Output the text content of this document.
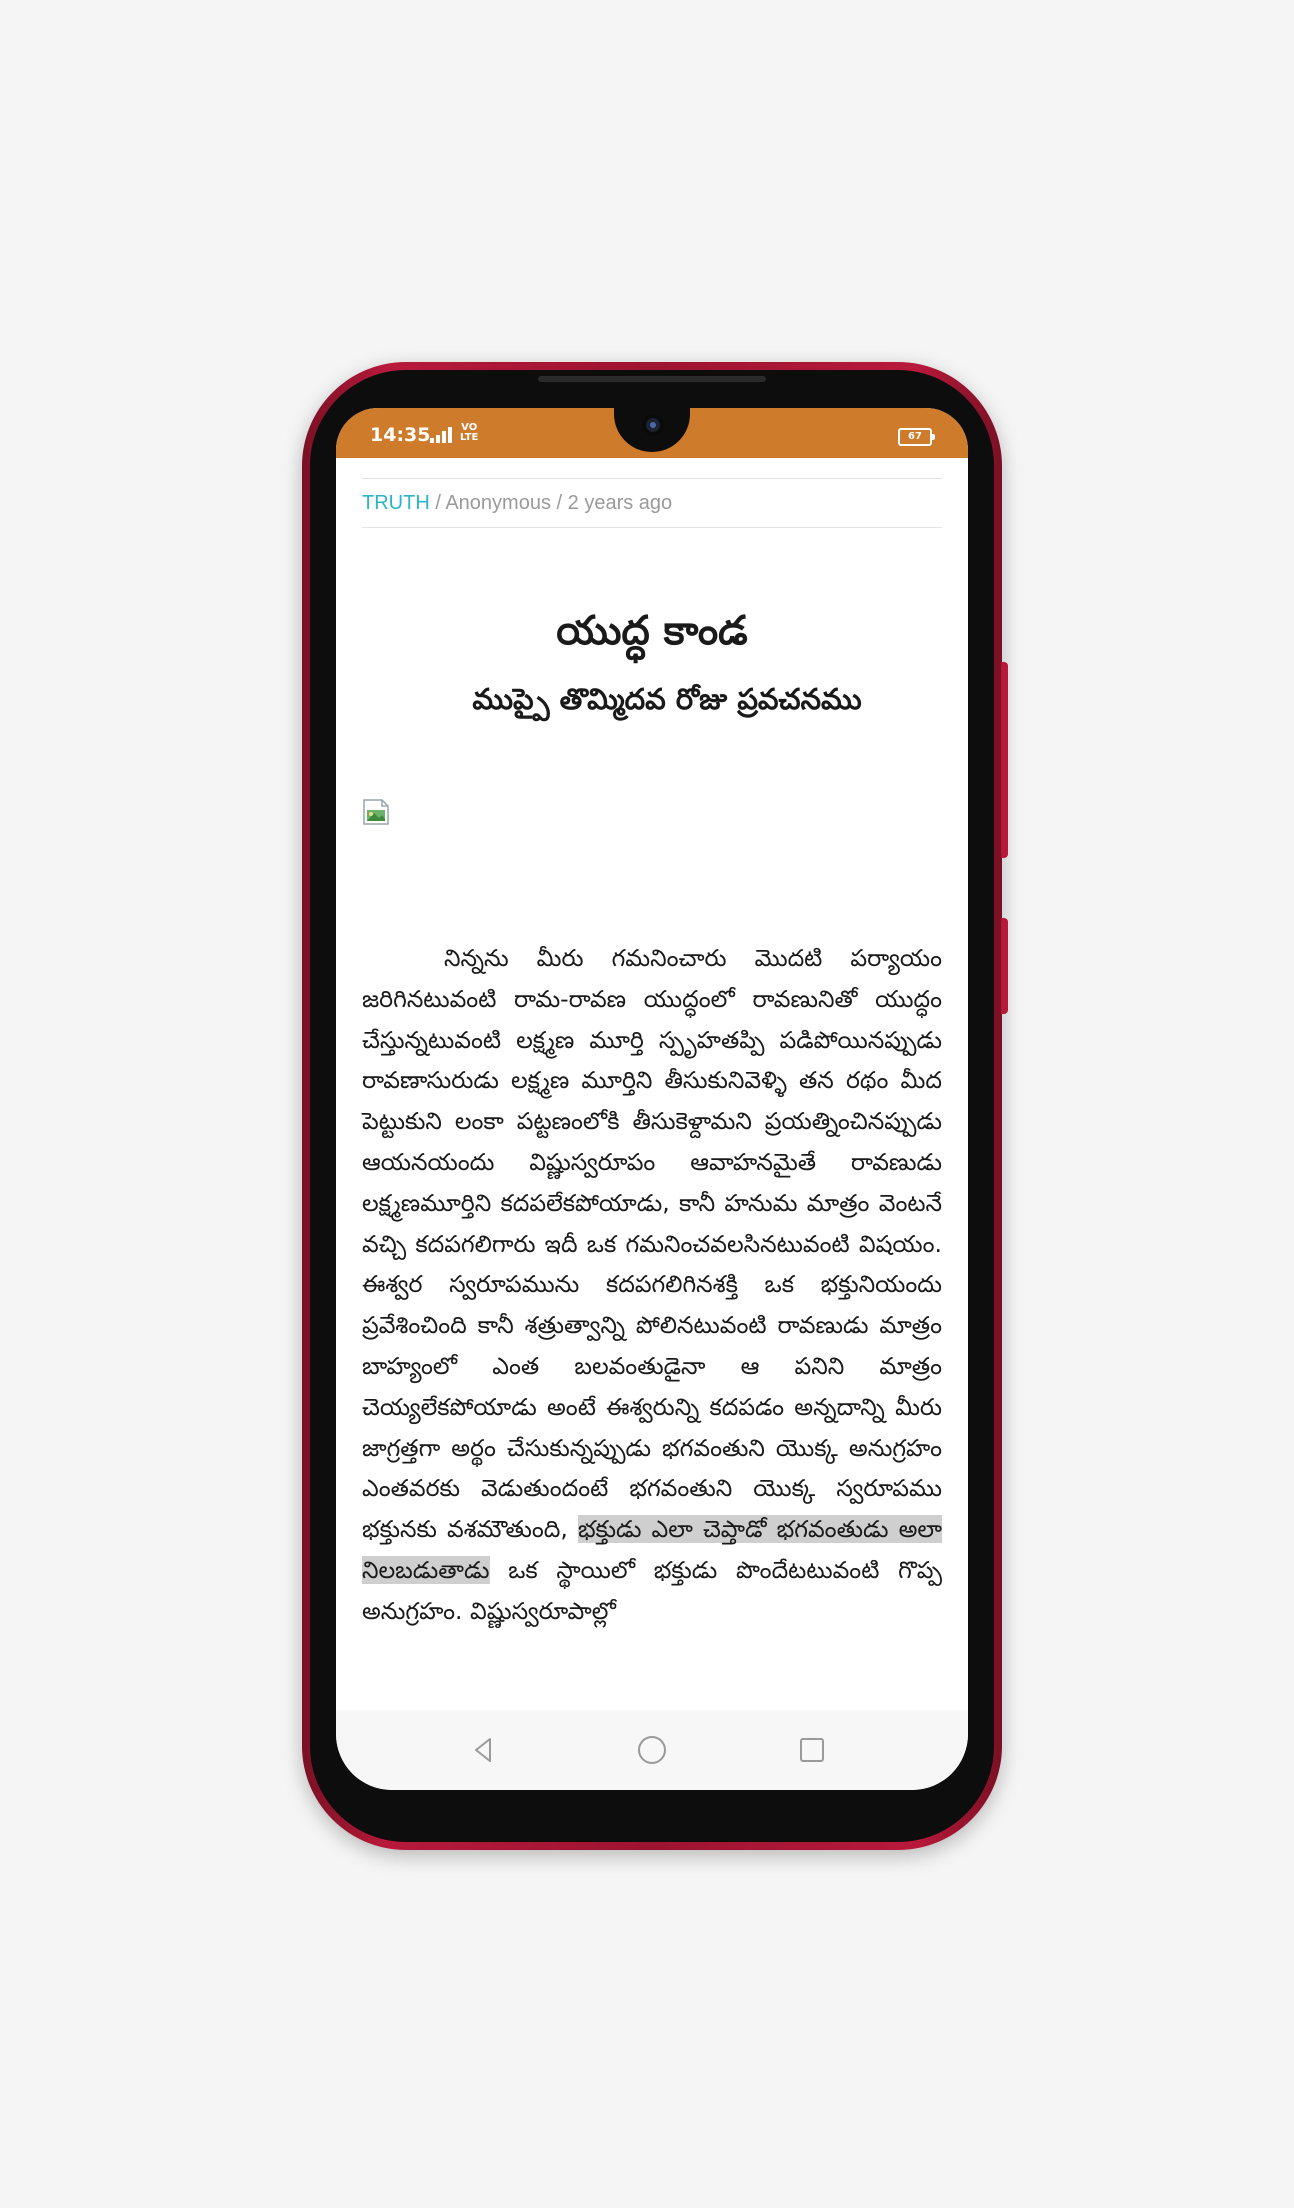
14:35	VO
LTE	67
TRUTH / Anonymous / 2 years ago
యుద్ధ కాండ
ముప్పై తొమ్మిదవ రోజు ప్రవచనము
నిన్నను మీరు గమనించారు మొదటి పర్యాయం జరిగినటువంటి రామ-రావణ యుద్ధంలో రావణునితో యుద్ధం చేస్తున్నటువంటి లక్ష్మణ మూర్తి స్పృహతప్పి పడిపోయినప్పుడు రావణాసురుడు లక్ష్మణ మూర్తిని తీసుకునివెళ్ళి తన రథం మీద పెట్టుకుని లంకా పట్టణంలోకి తీసుకెళ్దామని ప్రయత్నించినప్పుడు ఆయనయందు విష్ణుస్వరూపం ఆవాహనమైతే రావణుడు లక్ష్మణమూర్తిని కదపలేకపోయాడు, కానీ హనుమ మాత్రం వెంటనే వచ్చి కదపగలిగారు ఇదీ ఒక గమనించవలసినటువంటి విషయం. ఈశ్వర స్వరూపమును కదపగలిగినశక్తి ఒక భక్తునియందు ప్రవేశించింది కానీ శత్రుత్వాన్ని పోలినటువంటి రావణుడు మాత్రం బాహ్యంలో ఎంత బలవంతుడైనా ఆ పనిని మాత్రం చెయ్యలేకపోయాడు అంటే ఈశ్వరున్ని కదపడం అన్నదాన్ని మీరు జాగ్రత్తగా అర్థం చేసుకున్నప్పుడు భగవంతుని యొక్క అనుగ్రహం ఎంతవరకు వెడుతుందంటే భగవంతుని యొక్క స్వరూపము భక్తునకు వశమౌతుంది, భక్తుడు ఎలా చెప్తాడో భగవంతుడు అలా నిలబడుతాడు ఒక స్థాయిలో భక్తుడు పొందేటటువంటి గొప్ప అనుగ్రహం. విష్ణుస్వరూపాల్లో
